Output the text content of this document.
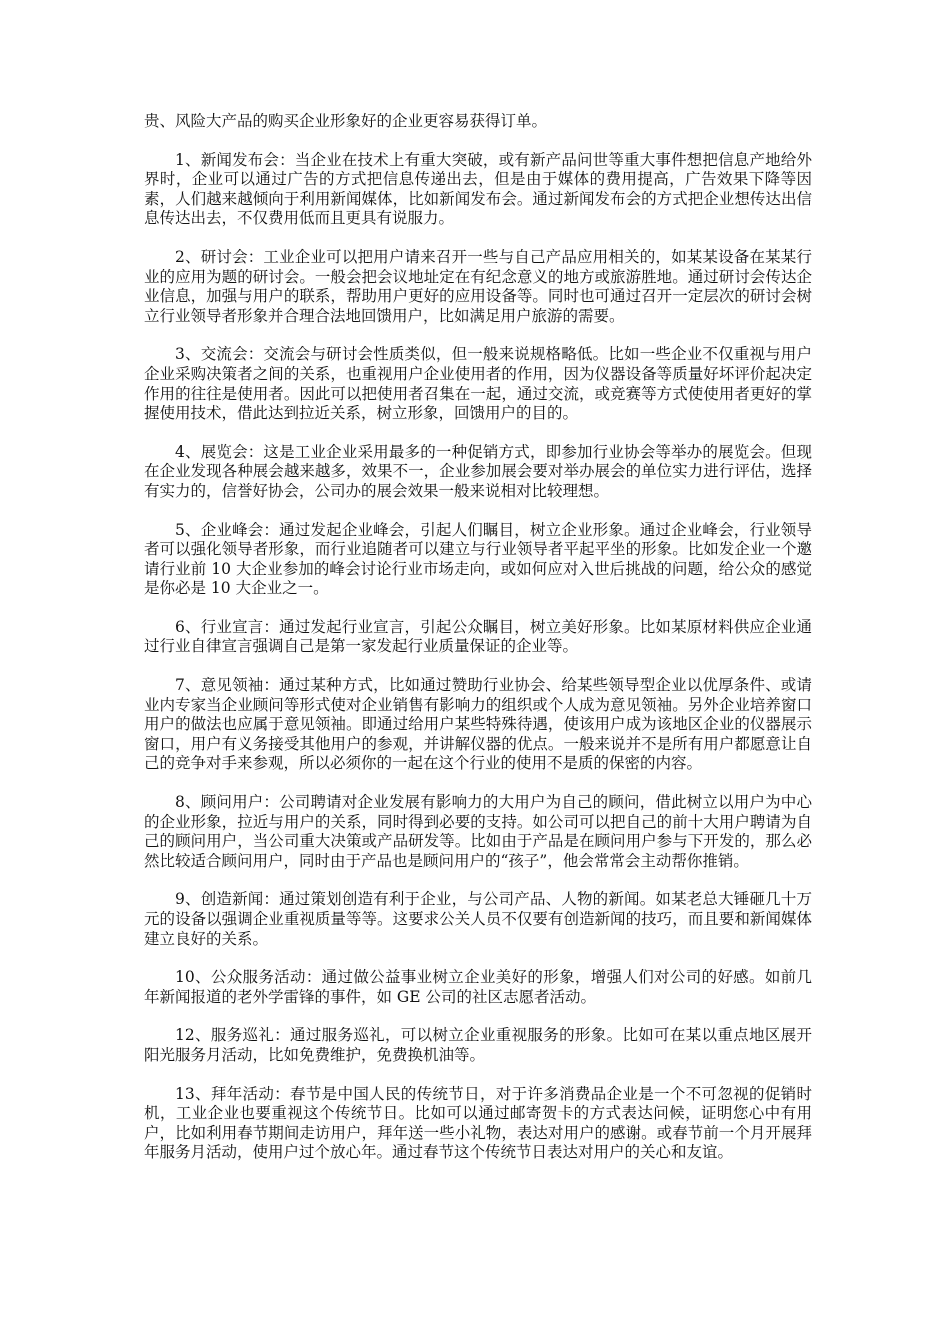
贵、风险大产品的购买企业形象好的企业更容易获得订单。

1、新闻发布会：当企业在技术上有重大突破，或有新产品问世等重大事件想把信息产地给外界时，企业可以通过广告的方式把信息传递出去，但是由于媒体的费用提高，广告效果下降等因素，人们越来越倾向于利用新闻媒体，比如新闻发布会。通过新闻发布会的方式把企业想传达出信息传达出去，不仅费用低而且更具有说服力。

2、研讨会：工业企业可以把用户请来召开一些与自己产品应用相关的，如某某设备在某某行业的应用为题的研讨会。一般会把会议地址定在有纪念意义的地方或旅游胜地。通过研讨会传达企业信息，加强与用户的联系，帮助用户更好的应用设备等。同时也可通过召开一定层次的研讨会树立行业领导者形象并合理合法地回馈用户，比如满足用户旅游的需要。

3、交流会：交流会与研讨会性质类似，但一般来说规格略低。比如一些企业不仅重视与用户企业采购决策者之间的关系，也重视用户企业使用者的作用，因为仪器设备等质量好坏评价起决定作用的往往是使用者。因此可以把使用者召集在一起，通过交流，或竞赛等方式使使用者更好的掌握使用技术，借此达到拉近关系，树立形象，回馈用户的目的。

4、展览会：这是工业企业采用最多的一种促销方式，即参加行业协会等举办的展览会。但现在企业发现各种展会越来越多，效果不一，企业参加展会要对举办展会的单位实力进行评估，选择有实力的，信誉好协会，公司办的展会效果一般来说相对比较理想。

5、企业峰会：通过发起企业峰会，引起人们瞩目，树立企业形象。通过企业峰会，行业领导者可以强化领导者形象，而行业追随者可以建立与行业领导者平起平坐的形象。比如发企业一个邀请行业前 10 大企业参加的峰会讨论行业市场走向，或如何应对入世后挑战的问题，给公众的感觉是你必是 10 大企业之一。

6、行业宣言：通过发起行业宣言，引起公众瞩目，树立美好形象。比如某原材料供应企业通过行业自律宣言强调自己是第一家发起行业质量保证的企业等。

7、意见领袖：通过某种方式，比如通过赞助行业协会、给某些领导型企业以优厚条件、或请业内专家当企业顾问等形式使对企业销售有影响力的组织或个人成为意见领袖。另外企业培养窗口用户的做法也应属于意见领袖。即通过给用户某些特殊待遇，使该用户成为该地区企业的仪器展示窗口，用户有义务接受其他用户的参观，并讲解仪器的优点。一般来说并不是所有用户都愿意让自己的竞争对手来参观，所以必须你的一起在这个行业的使用不是质的保密的内容。

8、顾问用户：公司聘请对企业发展有影响力的大用户为自己的顾问，借此树立以用户为中心的企业形象，拉近与用户的关系，同时得到必要的支持。如公司可以把自己的前十大用户聘请为自己的顾问用户，当公司重大决策或产品研发等。比如由于产品是在顾问用户参与下开发的，那么必然比较适合顾问用户，同时由于产品也是顾问用户的“孩子”，他会常常会主动帮你推销。

9、创造新闻：通过策划创造有利于企业，与公司产品、人物的新闻。如某老总大锤砸几十万元的设备以强调企业重视质量等等。这要求公关人员不仅要有创造新闻的技巧，而且要和新闻媒体建立良好的关系。

10、公众服务活动：通过做公益事业树立企业美好的形象，增强人们对公司的好感。如前几年新闻报道的老外学雷锋的事件，如 GE 公司的社区志愿者活动。

12、服务巡礼：通过服务巡礼，可以树立企业重视服务的形象。比如可在某以重点地区展开阳光服务月活动，比如免费维护，免费换机油等。

13、拜年活动：春节是中国人民的传统节日，对于许多消费品企业是一个不可忽视的促销时机，工业企业也要重视这个传统节日。比如可以通过邮寄贺卡的方式表达问候，证明您心中有用户，比如利用春节期间走访用户，拜年送一些小礼物，表达对用户的感谢。或春节前一个月开展拜年服务月活动，使用户过个放心年。通过春节这个传统节日表达对用户的关心和友谊。
